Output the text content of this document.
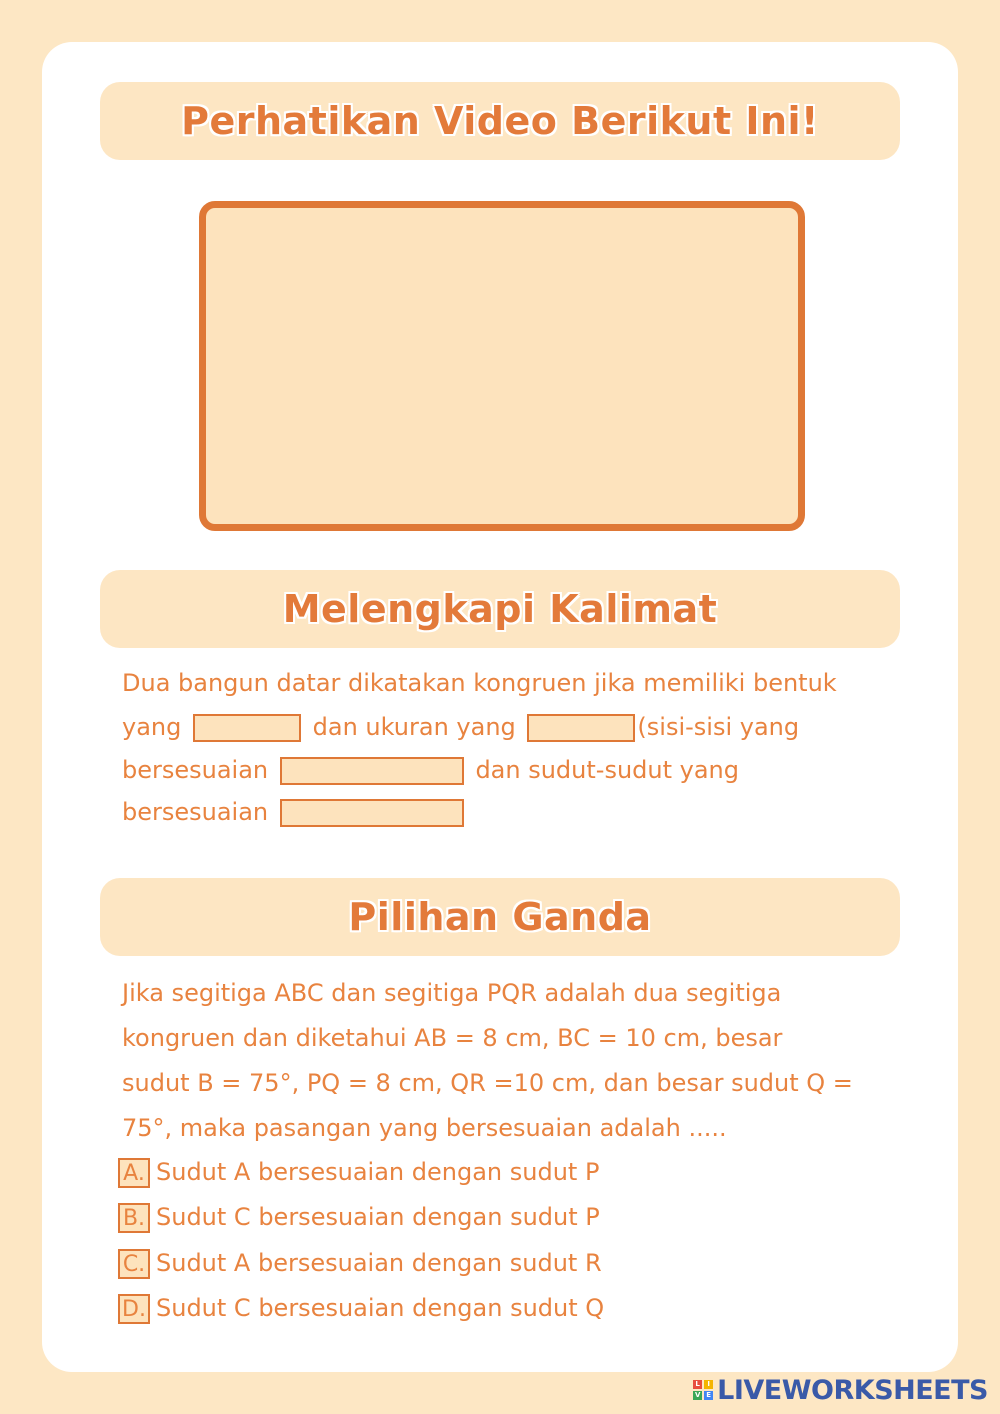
Perhatikan Video Berikut Ini!
Melengkapi Kalimat
Dua bangun datar dikatakan kongruen jika memiliki bentuk
yang	dan ukuran yang	(sisi-sisi yang
bersesuaian	dan sudut-sudut yang
bersesuaian
Pilihan Ganda
Jika segitiga ABC dan segitiga PQR adalah dua segitiga
kongruen dan diketahui AB = 8 cm, BC = 10 cm, besar
sudut B = 75°, PQ = 8 cm, QR =10 cm, dan besar sudut Q =
75°, maka pasangan yang bersesuaian adalah .....
A. Sudut A bersesuaian dengan sudut P
B. Sudut C bersesuaian dengan sudut P
C. Sudut A bersesuaian dengan sudut R
D. Sudut C bersesuaian dengan sudut Q
L	I
V E LIVEWORKSHEETS
